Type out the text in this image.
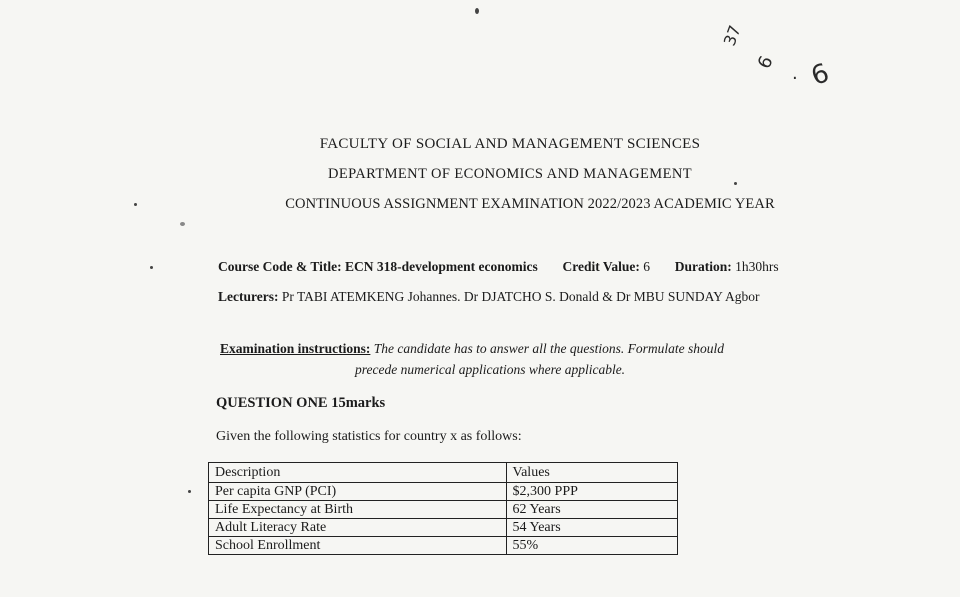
37
6
· 6
FACULTY OF SOCIAL AND MANAGEMENT SCIENCES
DEPARTMENT OF ECONOMICS AND MANAGEMENT
CONTINUOUS ASSIGNMENT EXAMINATION 2022/2023 ACADEMIC YEAR
Course Code & Title: ECN 318-development economics Credit Value: 6 Duration: 1h30hrs
Lecturers: Pr TABI ATEMKENG Johannes. Dr DJATCHO S. Donald & Dr MBU SUNDAY Agbor
Examination instructions: The candidate has to answer all the questions. Formulate should
precede numerical applications where applicable.
QUESTION ONE 15marks
Given the following statistics for country x as follows:
Description	Values
Per capita GNP (PCI)	$2,300 PPP
Life Expectancy at Birth	62 Years
Adult Literacy Rate	54 Years
School Enrollment	55%
